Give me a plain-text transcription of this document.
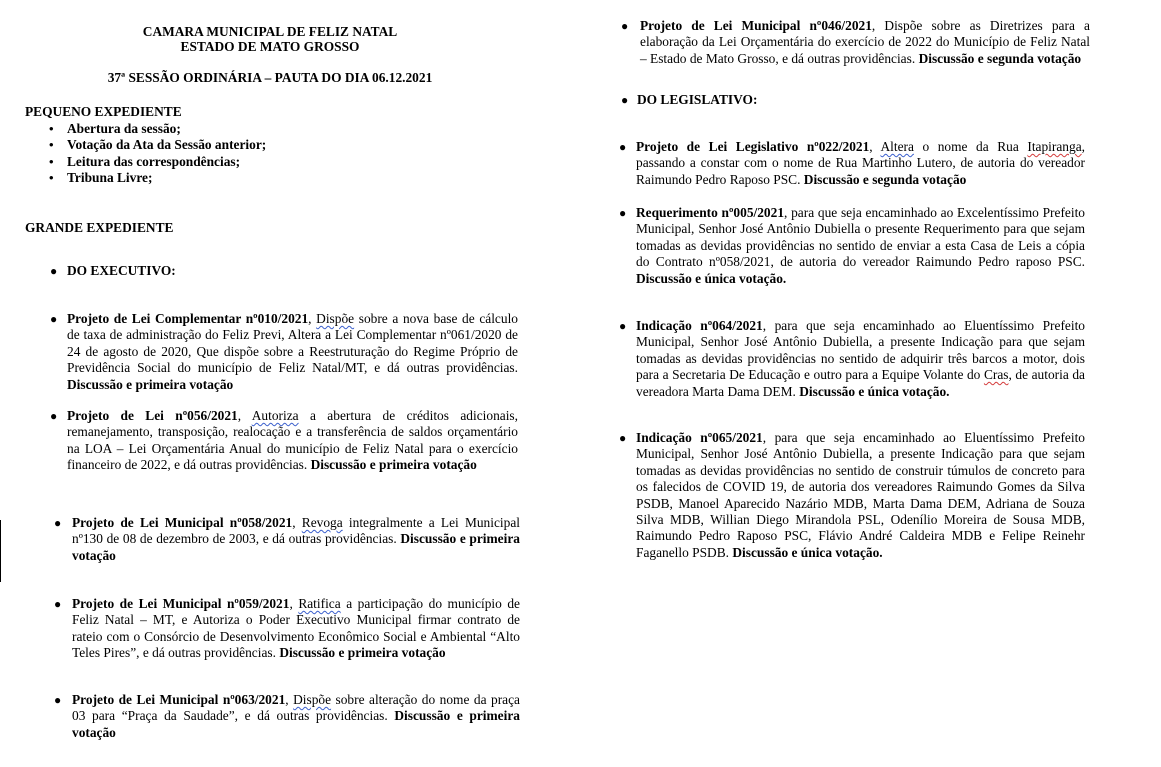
CAMARA MUNICIPAL DE FELIZ NATAL
ESTADO DE MATO GROSSO
37ª SESSÃO ORDINÁRIA – PAUTA DO DIA 06.12.2021
PEQUENO EXPEDIENTE
• Abertura da sessão;
• Votação da Ata da Sessão anterior;
• Leitura das correspondências;
• Tribuna Livre;
GRANDE EXPEDIENTE
● DO EXECUTIVO:
● Projeto de Lei Complementar nº010/2021, Dispõe sobre a nova base de cálculo de taxa de administração do Feliz Previ, Altera a Lei Complementar nº061/2020 de 24 de agosto de 2020, Que dispõe sobre a Reestruturação do Regime Próprio de Previdência Social do município de Feliz Natal/MT, e dá outras providências. Discussão e primeira votação
● Projeto de Lei nº056/2021, Autoriza a abertura de créditos adicionais, remanejamento, transposição, realocação e a transferência de saldos orçamentário na LOA – Lei Orçamentária Anual do município de Feliz Natal para o exercício financeiro de 2022, e dá outras providências. Discussão e primeira votação
● Projeto de Lei Municipal nº058/2021, Revoga integralmente a Lei Municipal nº130 de 08 de dezembro de 2003, e dá outras providências. Discussão e primeira votação
● Projeto de Lei Municipal nº059/2021, Ratifica a participação do município de Feliz Natal – MT, e Autoriza o Poder Executivo Municipal firmar contrato de rateio com o Consórcio de Desenvolvimento Econômico Social e Ambiental “Alto Teles Pires”, e dá outras providências. Discussão e primeira votação
● Projeto de Lei Municipal nº063/2021, Dispõe sobre alteração do nome da praça 03 para “Praça da Saudade”, e dá outras providências. Discussão e primeira votação
● Projeto de Lei Municipal nº046/2021, Dispõe sobre as Diretrizes para a elaboração da Lei Orçamentária do exercício de 2022 do Município de Feliz Natal – Estado de Mato Grosso, e dá outras providências. Discussão e segunda votação
● DO LEGISLATIVO:
● Projeto de Lei Legislativo nº022/2021, Altera o nome da Rua Itapiranga, passando a constar com o nome de Rua Martinho Lutero, de autoria do vereador Raimundo Pedro Raposo PSC. Discussão e segunda votação
● Requerimento nº005/2021, para que seja encaminhado ao Excelentíssimo Prefeito Municipal, Senhor José Antônio Dubiella o presente Requerimento para que sejam tomadas as devidas providências no sentido de enviar a esta Casa de Leis a cópia do Contrato nº058/2021, de autoria do vereador Raimundo Pedro raposo PSC. Discussão e única votação.
● Indicação nº064/2021, para que seja encaminhado ao Eluentíssimo Prefeito Municipal, Senhor José Antônio Dubiella, a presente Indicação para que sejam tomadas as devidas providências no sentido de adquirir três barcos a motor, dois para a Secretaria De Educação e outro para a Equipe Volante do Cras, de autoria da vereadora Marta Dama DEM. Discussão e única votação.
● Indicação nº065/2021, para que seja encaminhado ao Eluentíssimo Prefeito Municipal, Senhor José Antônio Dubiella, a presente Indicação para que sejam tomadas as devidas providências no sentido de construir túmulos de concreto para os falecidos de COVID 19, de autoria dos vereadores Raimundo Gomes da Silva PSDB, Manoel Aparecido Nazário MDB, Marta Dama DEM, Adriana de Souza Silva MDB, Willian Diego Mirandola PSL, Odenílio Moreira de Sousa MDB, Raimundo Pedro Raposo PSC, Flávio André Caldeira MDB e Felipe Reinehr Faganello PSDB. Discussão e única votação.
